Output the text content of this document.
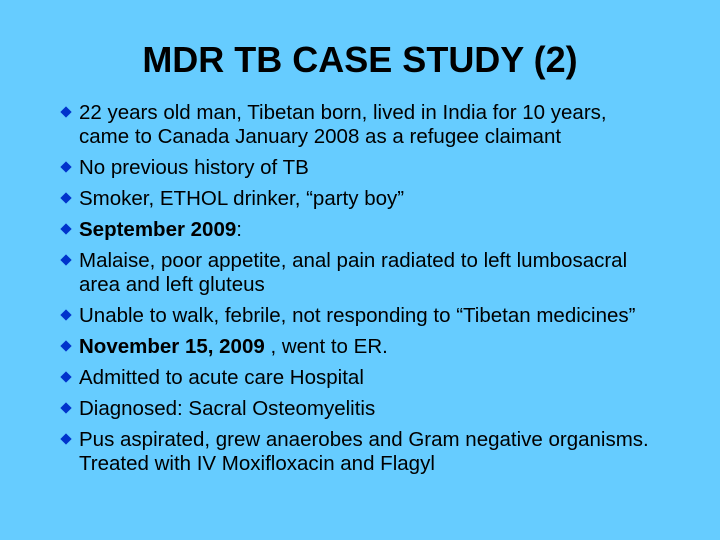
MDR TB CASE STUDY (2)
22 years old man, Tibetan born, lived in India for 10 years, came to Canada January 2008 as a refugee claimant
No previous history of TB
Smoker, ETHOL drinker, “party boy”
September 2009:
Malaise, poor appetite, anal pain radiated to left lumbosacral area and left gluteus
Unable to walk, febrile, not responding to “Tibetan medicines”
November 15, 2009 , went to ER.
Admitted to acute care Hospital
Diagnosed: Sacral Osteomyelitis
Pus aspirated, grew anaerobes and Gram negative organisms. Treated with IV Moxifloxacin and Flagyl
